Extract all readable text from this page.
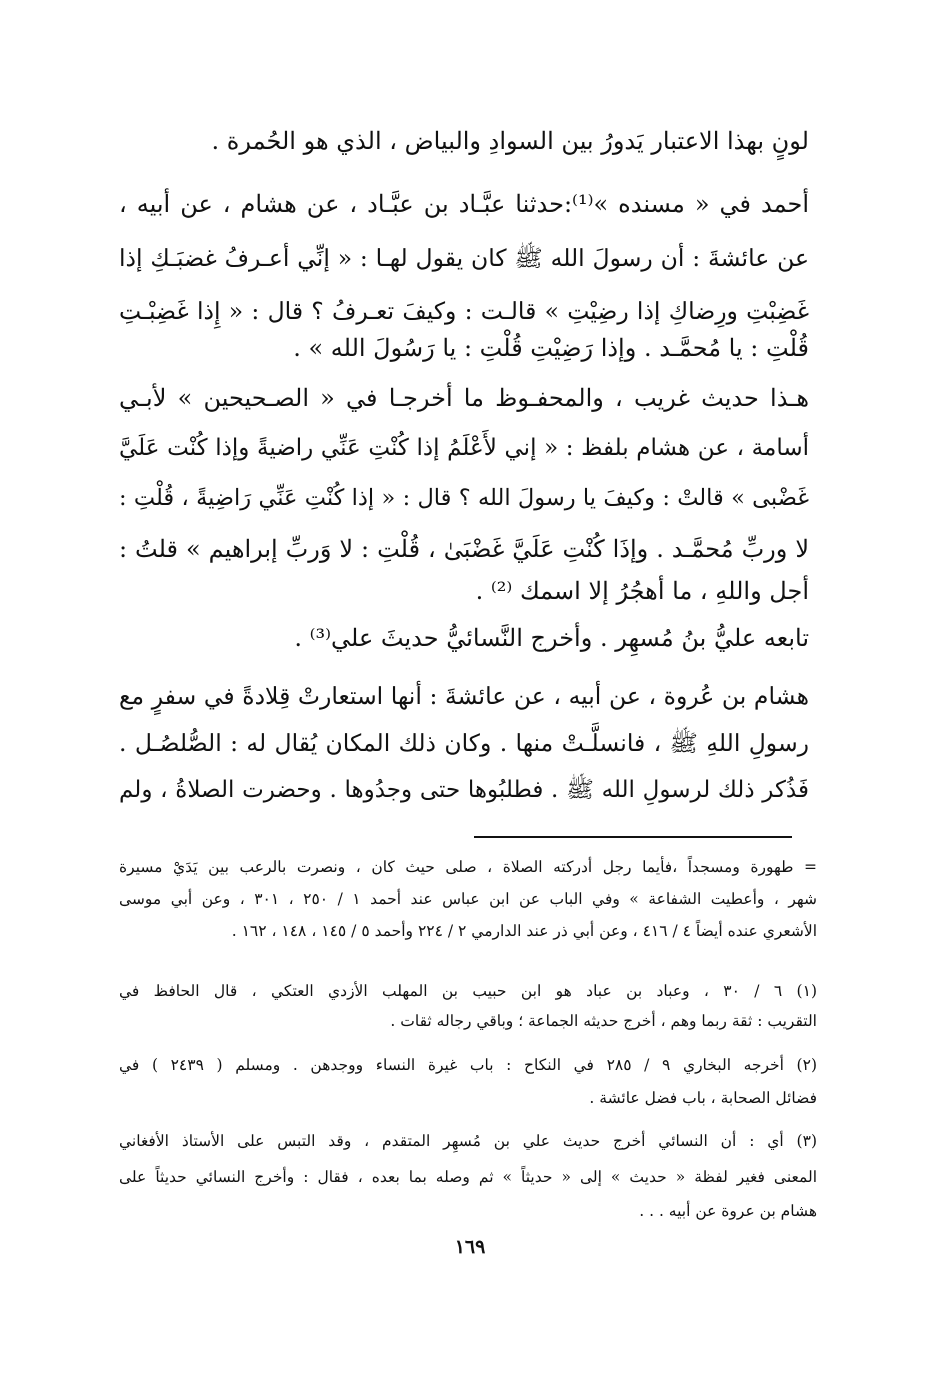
لونٍ بهذا الاعتبار يَدورُ بين السوادِ والبياض ، الذي هو الحُمرة .
أحمد في « مسنده »⁽¹⁾:حدثنا عبَّـاد بن عبَّـاد ، عن هشام ، عن أبيه ،
عن عائشةَ : أن رسولَ الله ﷺ كان يقول لهـا : « إنِّي أعـرفُ غضبَـكِ إذا
غَضِبْتِ ورِضاكِ إذا رضِيْتِ » قالـت : وكيفَ تعـرفُ ؟ قال : « إِذا غَضِبْـتِ
قُلْتِ : يا مُحمَّـد . وإذا رَضِيْتِ قُلْتِ : يا رَسُولَ الله » .
هـذا حديث غريب ، والمحفـوظ ما أخرجـا في « الصـحيحين » لأبـي
أسامة ، عن هشام بلفظ : « إني لأَعْلَمُ إذا كُنْتِ عَنِّي راضيةً وإذا كُنْت عَلَيَّ
غَضْبى » قالتْ : وكيفَ يا رسولَ الله ؟ قال : « إذا كُنْتِ عَنِّي رَاضِيةً ، قُلْتِ :
لا وربِّ مُحمَّـد . وإذَا كُنْتِ عَلَيَّ غَضْبَىٰ ، قُلْتِ : لا وَربِّ إبراهيم » قلتُ :
أجل واللهِ ، ما أهجُرُ إلا اسمك ⁽²⁾ .
تابعه عليُّ بنُ مُسهِر . وأخرج النَّسائيُّ حديثَ علي⁽³⁾ .
هشام بن عُروة ، عن أبيه ، عن عائشةَ : أنها استعارتْ قِلادةً في سفرٍ مع
رسولِ اللهِ ﷺ ، فانسلَّـتْ منها . وكان ذلك المكان يُقال له : الصُّلصُـل .
فَذُكر ذلك لرسولِ الله ﷺ . فطلبُوها حتى وجدُوها . وحضرت الصلاةُ ، ولم
= طهورة ومسجداً ،فأيما رجل أدركته الصلاة ، صلى حيث كان ، ونصرت بالرعب بين يَدَيْ مسيرة
شهر ، وأعطيت الشفاعة » وفي الباب عن ابن عباس عند أحمد ١ / ٢٥٠ ، ٣٠١ ، وعن أبي موسى
الأشعري عنده أيضاً ٤ / ٤١٦ ، وعن أبي ذر عند الدارمي ٢ / ٢٢٤ وأحمد ٥ / ١٤٥ ، ١٤٨ ، ١٦٢ .
(١) ٦ / ٣٠ ، وعباد بن عباد هو ابن حبيب بن المهلب الأزدي العتكي ، قال الحافظ في
التقريب : ثقة ربما وهم ، أخرج حديثه الجماعة ؛ وباقي رجاله ثقات .
(٢) أخرجه البخاري ٩ / ٢٨٥ في النكاح : باب غيرة النساء ووجدهن . ومسلم ( ٢٤٣٩ ) في
فضائل الصحابة ، باب فضل عائشة .
(٣) أي : أن النسائي أخرج حديث علي بن مُسهِر المتقدم ، وقد التبس على الأستاذ الأفغاني
المعنى فغير لفظة « حديث » إلى « حديثاً » ثم وصله بما بعده ، فقال : وأخرج النسائي حديثاً على
هشام بن عروة عن أبيه . . .
١٦٩
